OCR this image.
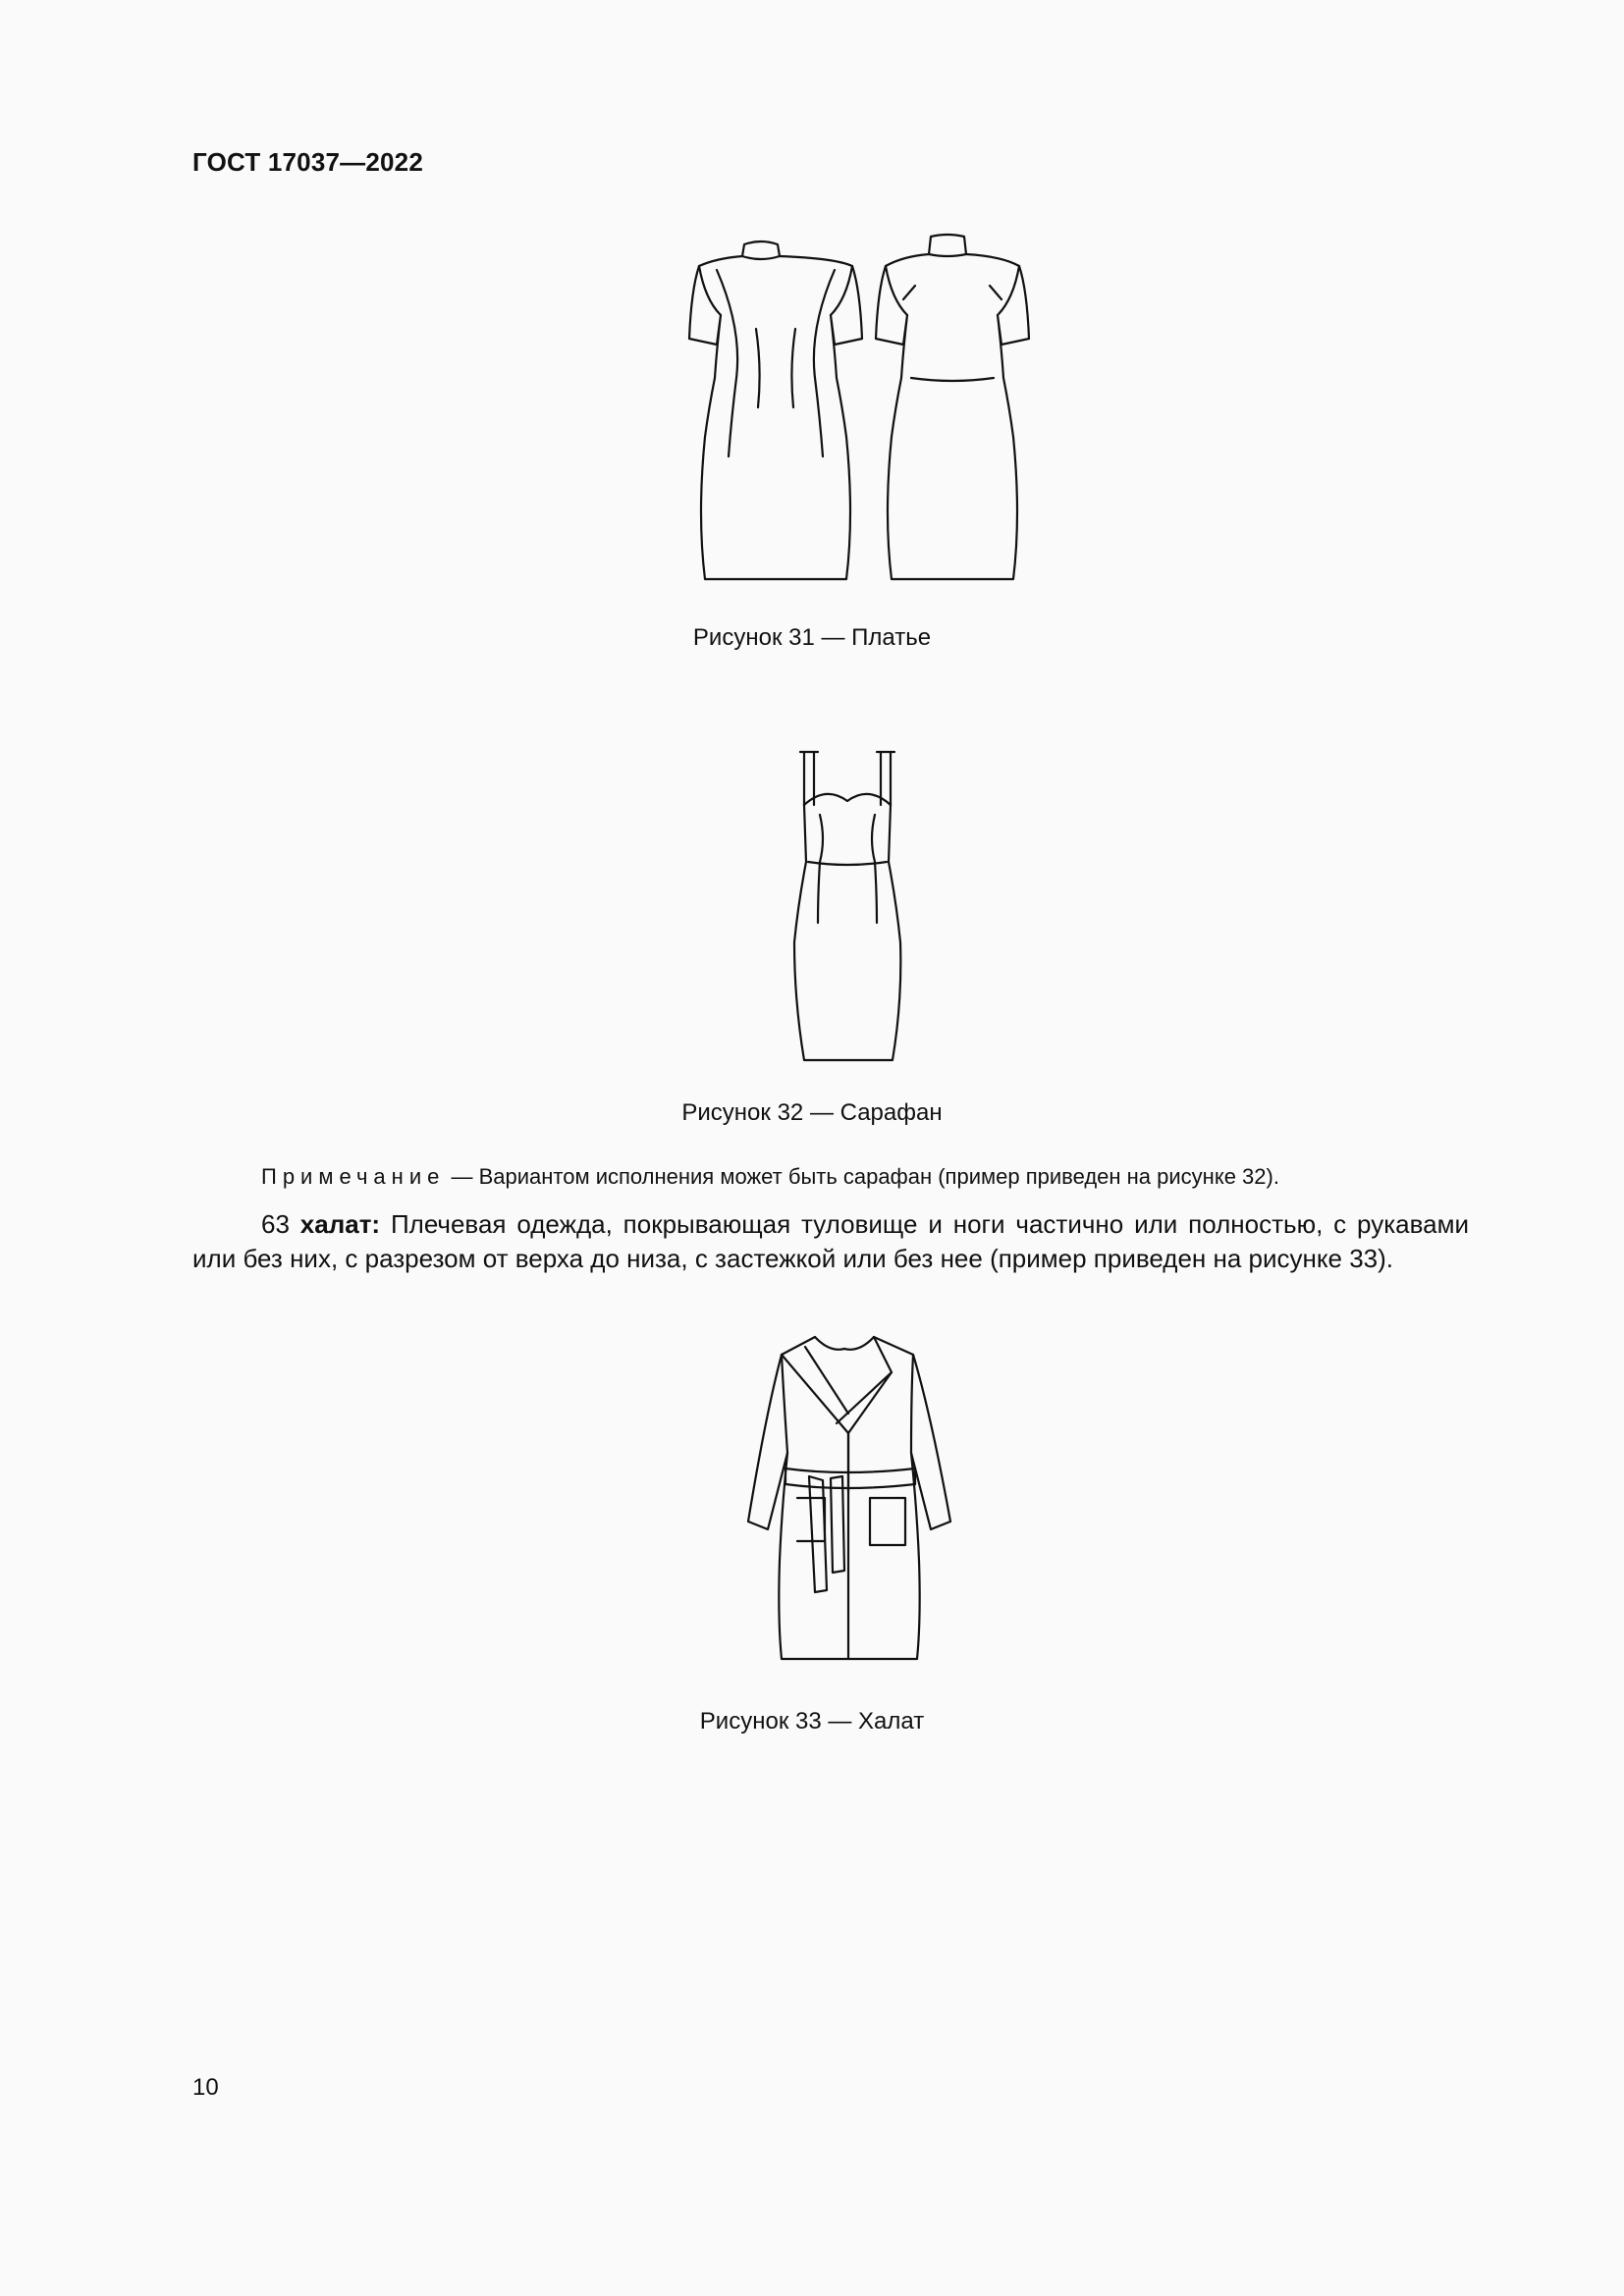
ГОСТ 17037—2022
Рисунок 31 — Платье
Рисунок 32 — Сарафан
Примечание — Вариантом исполнения может быть сарафан (пример приведен на рисунке 32).
63 халат: Плечевая одежда, покрывающая туловище и ноги частично или полностью, с рукавами или без них, с разрезом от верха до низа, с застежкой или без нее (пример приведен на рисунке 33).
Рисунок 33 — Халат
10
